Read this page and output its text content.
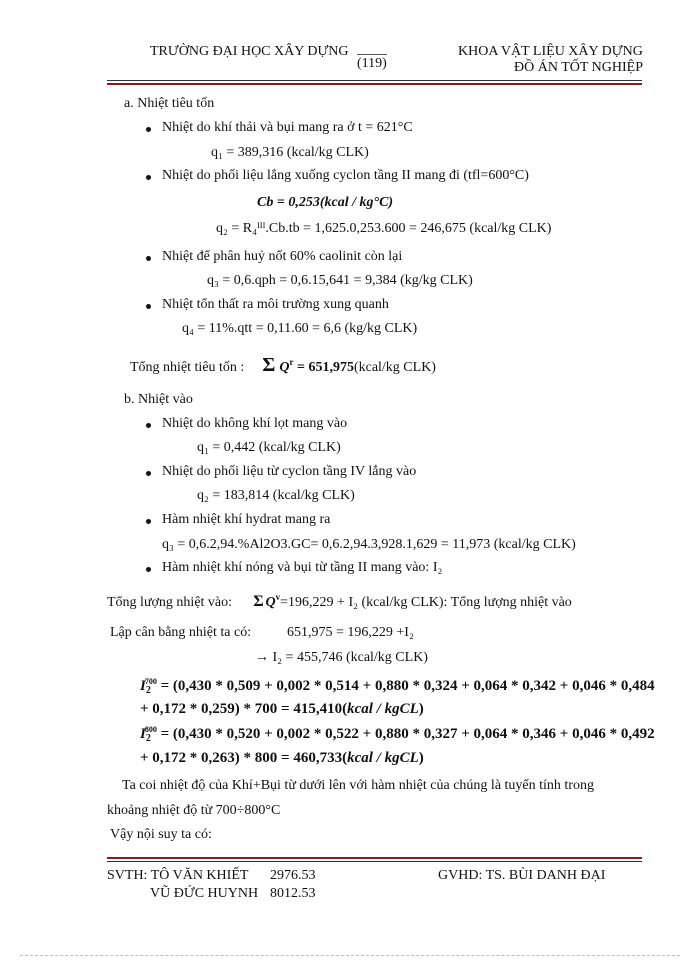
TRƯỜNG ĐẠI HỌC XÂY DỰNG
(119)
KHOA VẬT LIỆU XÂY DỰNG
ĐỒ ÁN TỐT NGHIỆP
a. Nhiệt tiêu tốn
Nhiệt do khí thải và bụi mang ra ở t = 621°C
q₁ = 389,316 (kcal/kg CLK)
Nhiệt do phối liệu lắng xuống cyclon tầng II mang đi (tfl=600°C)
Cb = 0,253(kcal / kg°C)
q₂ = R₄ᴵᴵᴵ.Cb.tb = 1,625.0,253.600 = 246,675 (kcal/kg CLK)
Nhiệt để phân huỷ nốt 60% caolinit còn lại
q₃ = 0,6.qph = 0,6.15,641 = 9,384 (kg/kg CLK)
Nhiệt tổn thất ra môi trường xung quanh
q₄ = 11%.qtt = 0,11.60 = 6,6 (kg/kg CLK)
Tổng nhiệt tiêu tốn : Σ $Q^r$ = 651,975(kcal/kg CLK)
b. Nhiệt vào
Nhiệt do không khí lọt mang vào
q₁ = 0,442 (kcal/kg CLK)
Nhiệt do phối liệu từ cyclon tầng IV lắng vào
q₂ = 183,814 (kcal/kg CLK)
Hàm nhiệt khí hydrat mang ra
q₃ = 0,6.2,94.%Al2O3.GC= 0,6.2,94.3,928.1,629 = 11,973 (kcal/kg CLK)
Hàm nhiệt khí nóng và bụi từ tầng II mang vào: I₂
Tổng lượng nhiệt vào: Σ $Q^v=196,229 + I_2$ (kcal/kg CLK): Tổng lượng nhiệt vào
Lập cân bằng nhiệt ta có:	651,975 = 196,229 +I₂
→ I₂ = 455,746 (kcal/kg CLK)
$I_2^{700} = (0,430 * 0,509 + 0,002 * 0,514 + 0,880 * 0,324 + 0,064 * 0,342 + 0,046 * 0,484$
+ 0,172 * 0,259) * 700 = 415,410(kcal / kgCL)
$I_2^{800} = (0,430 * 0,520 + 0,002 * 0,522 + 0,880 * 0,327 + 0,064 * 0,346 + 0,046 * 0,492$
+ 0,172 * 0,263) * 800 = 460,733(kcal / kgCL)
Ta coi nhiệt độ của Khí+Bụi từ dưới lên với hàm nhiệt của chúng là tuyến tính trong
khoảng nhiệt độ từ 700÷800°C
Vậy nội suy ta có:
SVTH: TÔ VĂN KHIẾT 2976.53
VŨ ĐỨC HUYNH 8012.53
GVHD: TS. BÙI DANH ĐẠI
